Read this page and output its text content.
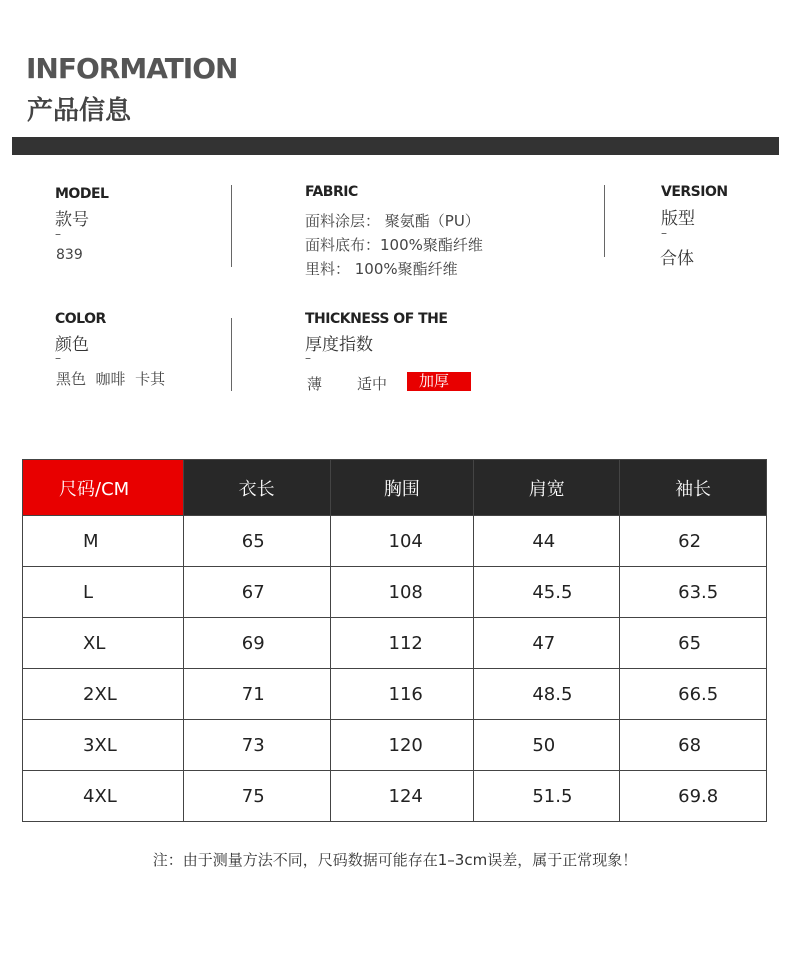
INFORMATION
产品信息
MODEL
款号
–
839
FABRIC
面料涂层： 聚氨酯（PU）
面料底布：100%聚酯纤维
里料： 100%聚酯纤维
VERSION
版型
–
合体
COLOR
颜色
–
黑色  咖啡  卡其
THICKNESS OF THE
厚度指数
–
薄 适中	加厚
尺码/CM	衣长	胸围	肩宽	袖长
M	65	104	44	62
L	67	108	45.5	63.5
XL	69	112	47	65
2XL	71	116	48.5	66.5
3XL	73	120	50	68
4XL	75	124	51.5	69.8
注：由于测量方法不同，尺码数据可能存在1–3cm误差，属于正常现象！
